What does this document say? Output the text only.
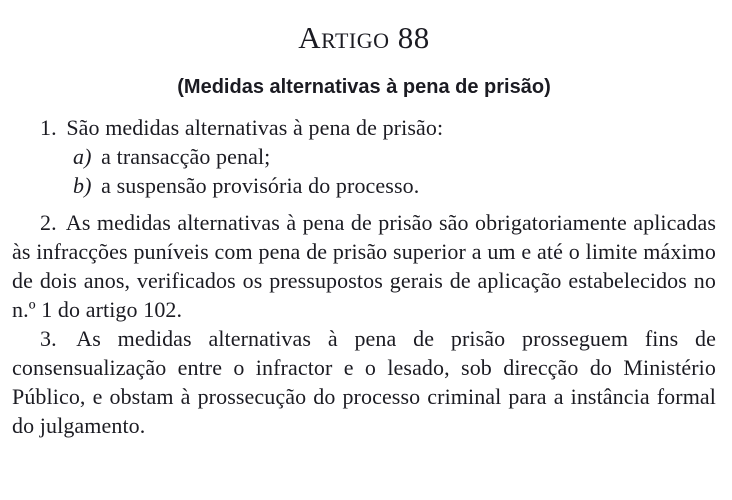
Artigo 88
(Medidas alternativas à pena de prisão)

1. São medidas alternativas à pena de prisão:

a) a transacção penal;
b) a suspensão provisória do processo.

2. As medidas alternativas à pena de prisão são obrigatoriamente aplicadas às infracções puníveis com pena de prisão superior a um e até o limite máximo de dois anos, verificados os pressupostos gerais de aplicação estabelecidos no n.º 1 do artigo 102.

3. As medidas alternativas à pena de prisão prosseguem fins de consensualização entre o infractor e o lesado, sob direcção do Ministério Público, e obstam à prossecução do processo criminal para a instância formal do julgamento.
